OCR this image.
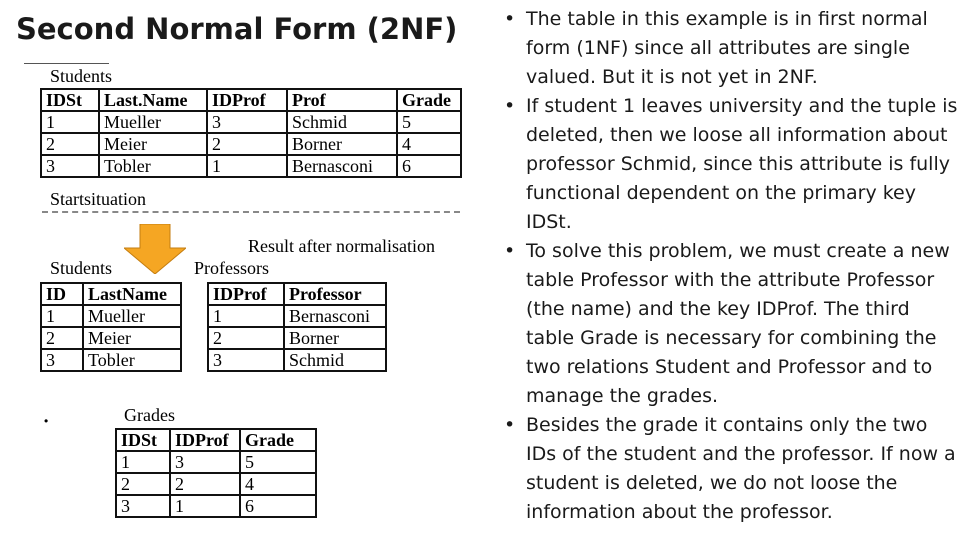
Second Normal Form (2NF)
Students
IDSt	Last.Name	IDProf	Prof	Grade
1	Mueller	3	Schmid	5
2	Meier	2	Borner	4
3	Tobler	1	Bernasconi	6
Startsituation
Result after normalisation
Students	Professors
ID	LastName
1	Mueller
2	Meier
3	Tobler
IDProf	Professor
1	Bernasconi
2	Borner
3	Schmid
•	Grades
IDSt	IDProf	Grade
1	3	5
2	2	4
3	1	6
• The table in this example is in first normal form (1NF) since all attributes are single valued. But it is not yet in 2NF.
• If student 1 leaves university and the tuple is deleted, then we loose all information about professor Schmid, since this attribute is fully functional dependent on the primary key IDSt.
• To solve this problem, we must create a new table Professor with the attribute Professor (the name) and the key IDProf. The third table Grade is necessary for combining the two relations Student and Professor and to manage the grades.
• Besides the grade it contains only the two IDs of the student and the professor. If now a student is deleted, we do not loose the information about the professor.
